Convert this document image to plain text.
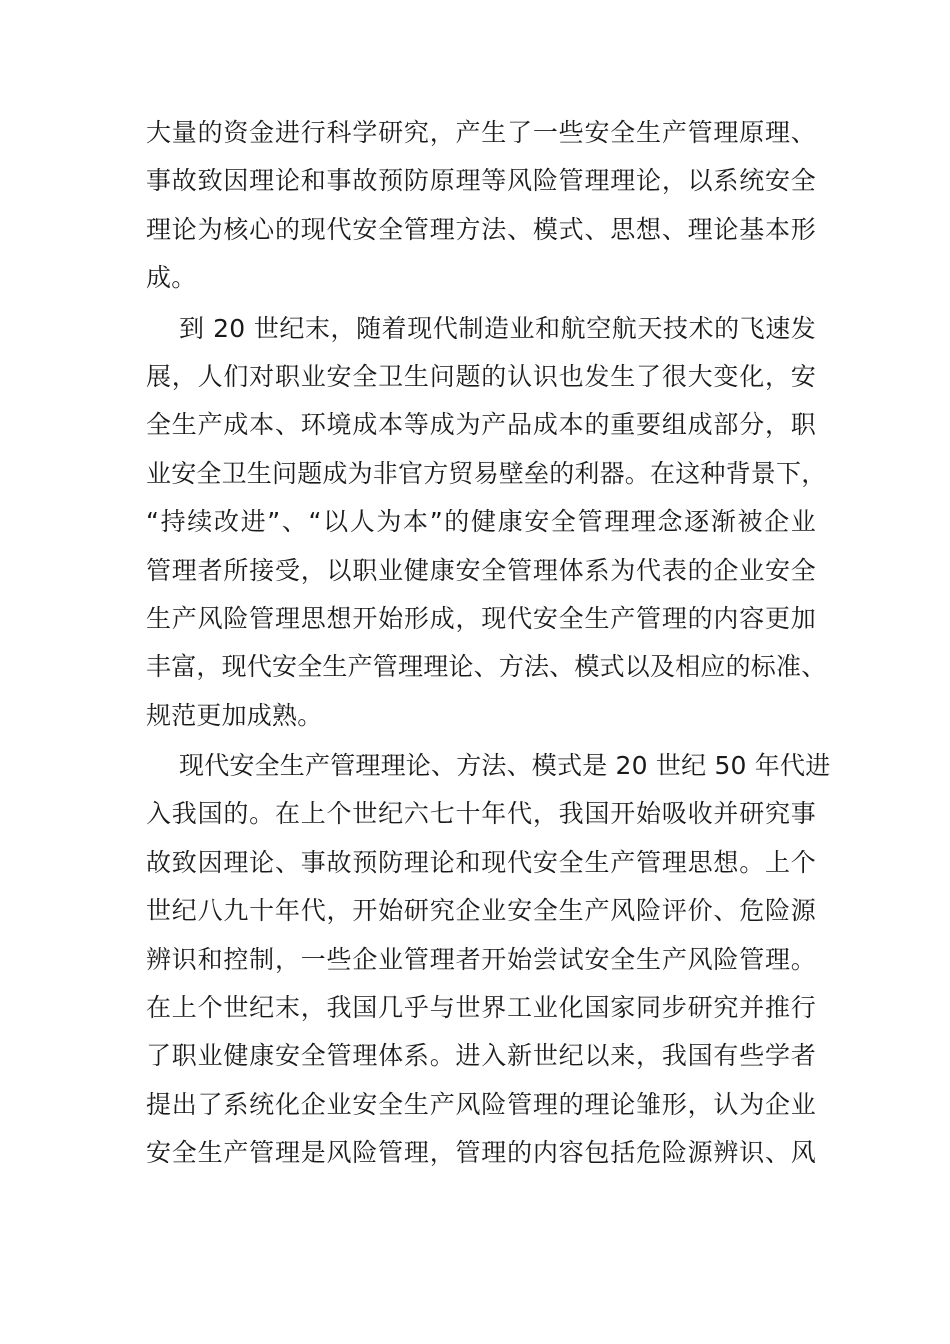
大量的资金进行科学研究，产生了一些安全生产管理原理、
事故致因理论和事故预防原理等风险管理理论，以系统安全
理论为核心的现代安全管理方法、模式、思想、理论基本形
成。
到 20 世纪末，随着现代制造业和航空航天技术的飞速发
展，人们对职业安全卫生问题的认识也发生了很大变化，安
全生产成本、环境成本等成为产品成本的重要组成部分，职
业安全卫生问题成为非官方贸易壁垒的利器。在这种背景下，
“持续改进”、“以人为本”的健康安全管理理念逐渐被企业
管理者所接受，以职业健康安全管理体系为代表的企业安全
生产风险管理思想开始形成，现代安全生产管理的内容更加
丰富，现代安全生产管理理论、方法、模式以及相应的标准、
规范更加成熟。
现代安全生产管理理论、方法、模式是 20 世纪 50 年代进
入我国的。在上个世纪六七十年代，我国开始吸收并研究事
故致因理论、事故预防理论和现代安全生产管理思想。上个
世纪八九十年代，开始研究企业安全生产风险评价、危险源
辨识和控制，一些企业管理者开始尝试安全生产风险管理。
在上个世纪末，我国几乎与世界工业化国家同步研究并推行
了职业健康安全管理体系。进入新世纪以来，我国有些学者
提出了系统化企业安全生产风险管理的理论雏形，认为企业
安全生产管理是风险管理，管理的内容包括危险源辨识、风
